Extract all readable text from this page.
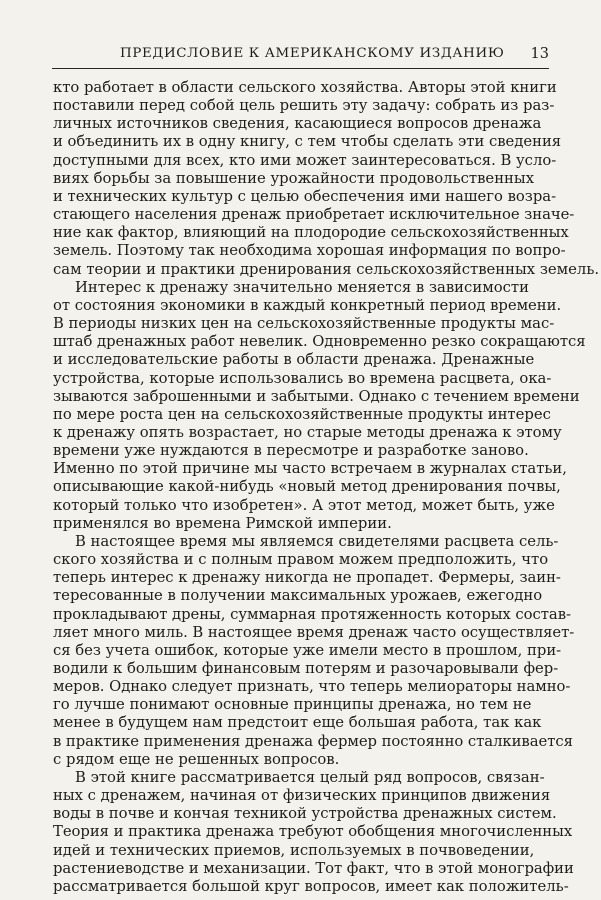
ПРЕДИСЛОВИЕ К АМЕРИКАНСКОМУ ИЗДАНИЮ 13

кто работает в области сельского хозяйства. Авторы этой книги
поставили перед собой цель решить эту задачу: собрать из раз-
личных источников сведения, касающиеся вопросов дренажа
и объединить их в одну книгу, с тем чтобы сделать эти сведения
доступными для всех, кто ими может заинтересоваться. В усло-
виях борьбы за повышение урожайности продовольственных
и технических культур с целью обеспечения ими нашего возра-
стающего населения дренаж приобретает исключительное значе-
ние как фактор, влияющий на плодородие сельскохозяйственных
земель. Поэтому так необходима хорошая информация по вопро-
сам теории и практики дренирования сельскохозяйственных земель.

Интерес к дренажу значительно меняется в зависимости
от состояния экономики в каждый конкретный период времени.
В периоды низких цен на сельскохозяйственные продукты мас-
штаб дренажных работ невелик. Одновременно резко сокращаются
и исследовательские работы в области дренажа. Дренажные
устройства, которые использовались во времена расцвета, ока-
зываются заброшенными и забытыми. Однако с течением времени
по мере роста цен на сельскохозяйственные продукты интерес
к дренажу опять возрастает, но старые методы дренажа к этому
времени уже нуждаются в пересмотре и разработке заново.
Именно по этой причине мы часто встречаем в журналах статьи,
описывающие какой-нибудь «новый метод дренирования почвы,
который только что изобретен». А этот метод, может быть, уже
применялся во времена Римской империи.

В настоящее время мы являемся свидетелями расцвета сель-
ского хозяйства и с полным правом можем предположить, что
теперь интерес к дренажу никогда не пропадет. Фермеры, заин-
тересованные в получении максимальных урожаев, ежегодно
прокладывают дрены, суммарная протяженность которых состав-
ляет много миль. В настоящее время дренаж часто осуществляет-
ся без учета ошибок, которые уже имели место в прошлом, при-
водили к большим финансовым потерям и разочаровывали фер-
меров. Однако следует признать, что теперь мелиораторы намно-
го лучше понимают основные принципы дренажа, но тем не
менее в будущем нам предстоит еще большая работа, так как
в практике применения дренажа фермер постоянно сталкивается
с рядом еще не решенных вопросов.

В этой книге рассматривается целый ряд вопросов, связан-
ных с дренажем, начиная от физических принципов движения
воды в почве и кончая техникой устройства дренажных систем.
Теория и практика дренажа требуют обобщения многочисленных
идей и технических приемов, используемых в почвоведении,
растениеводстве и механизации. Тот факт, что в этой монографии
рассматривается большой круг вопросов, имеет как положитель-
